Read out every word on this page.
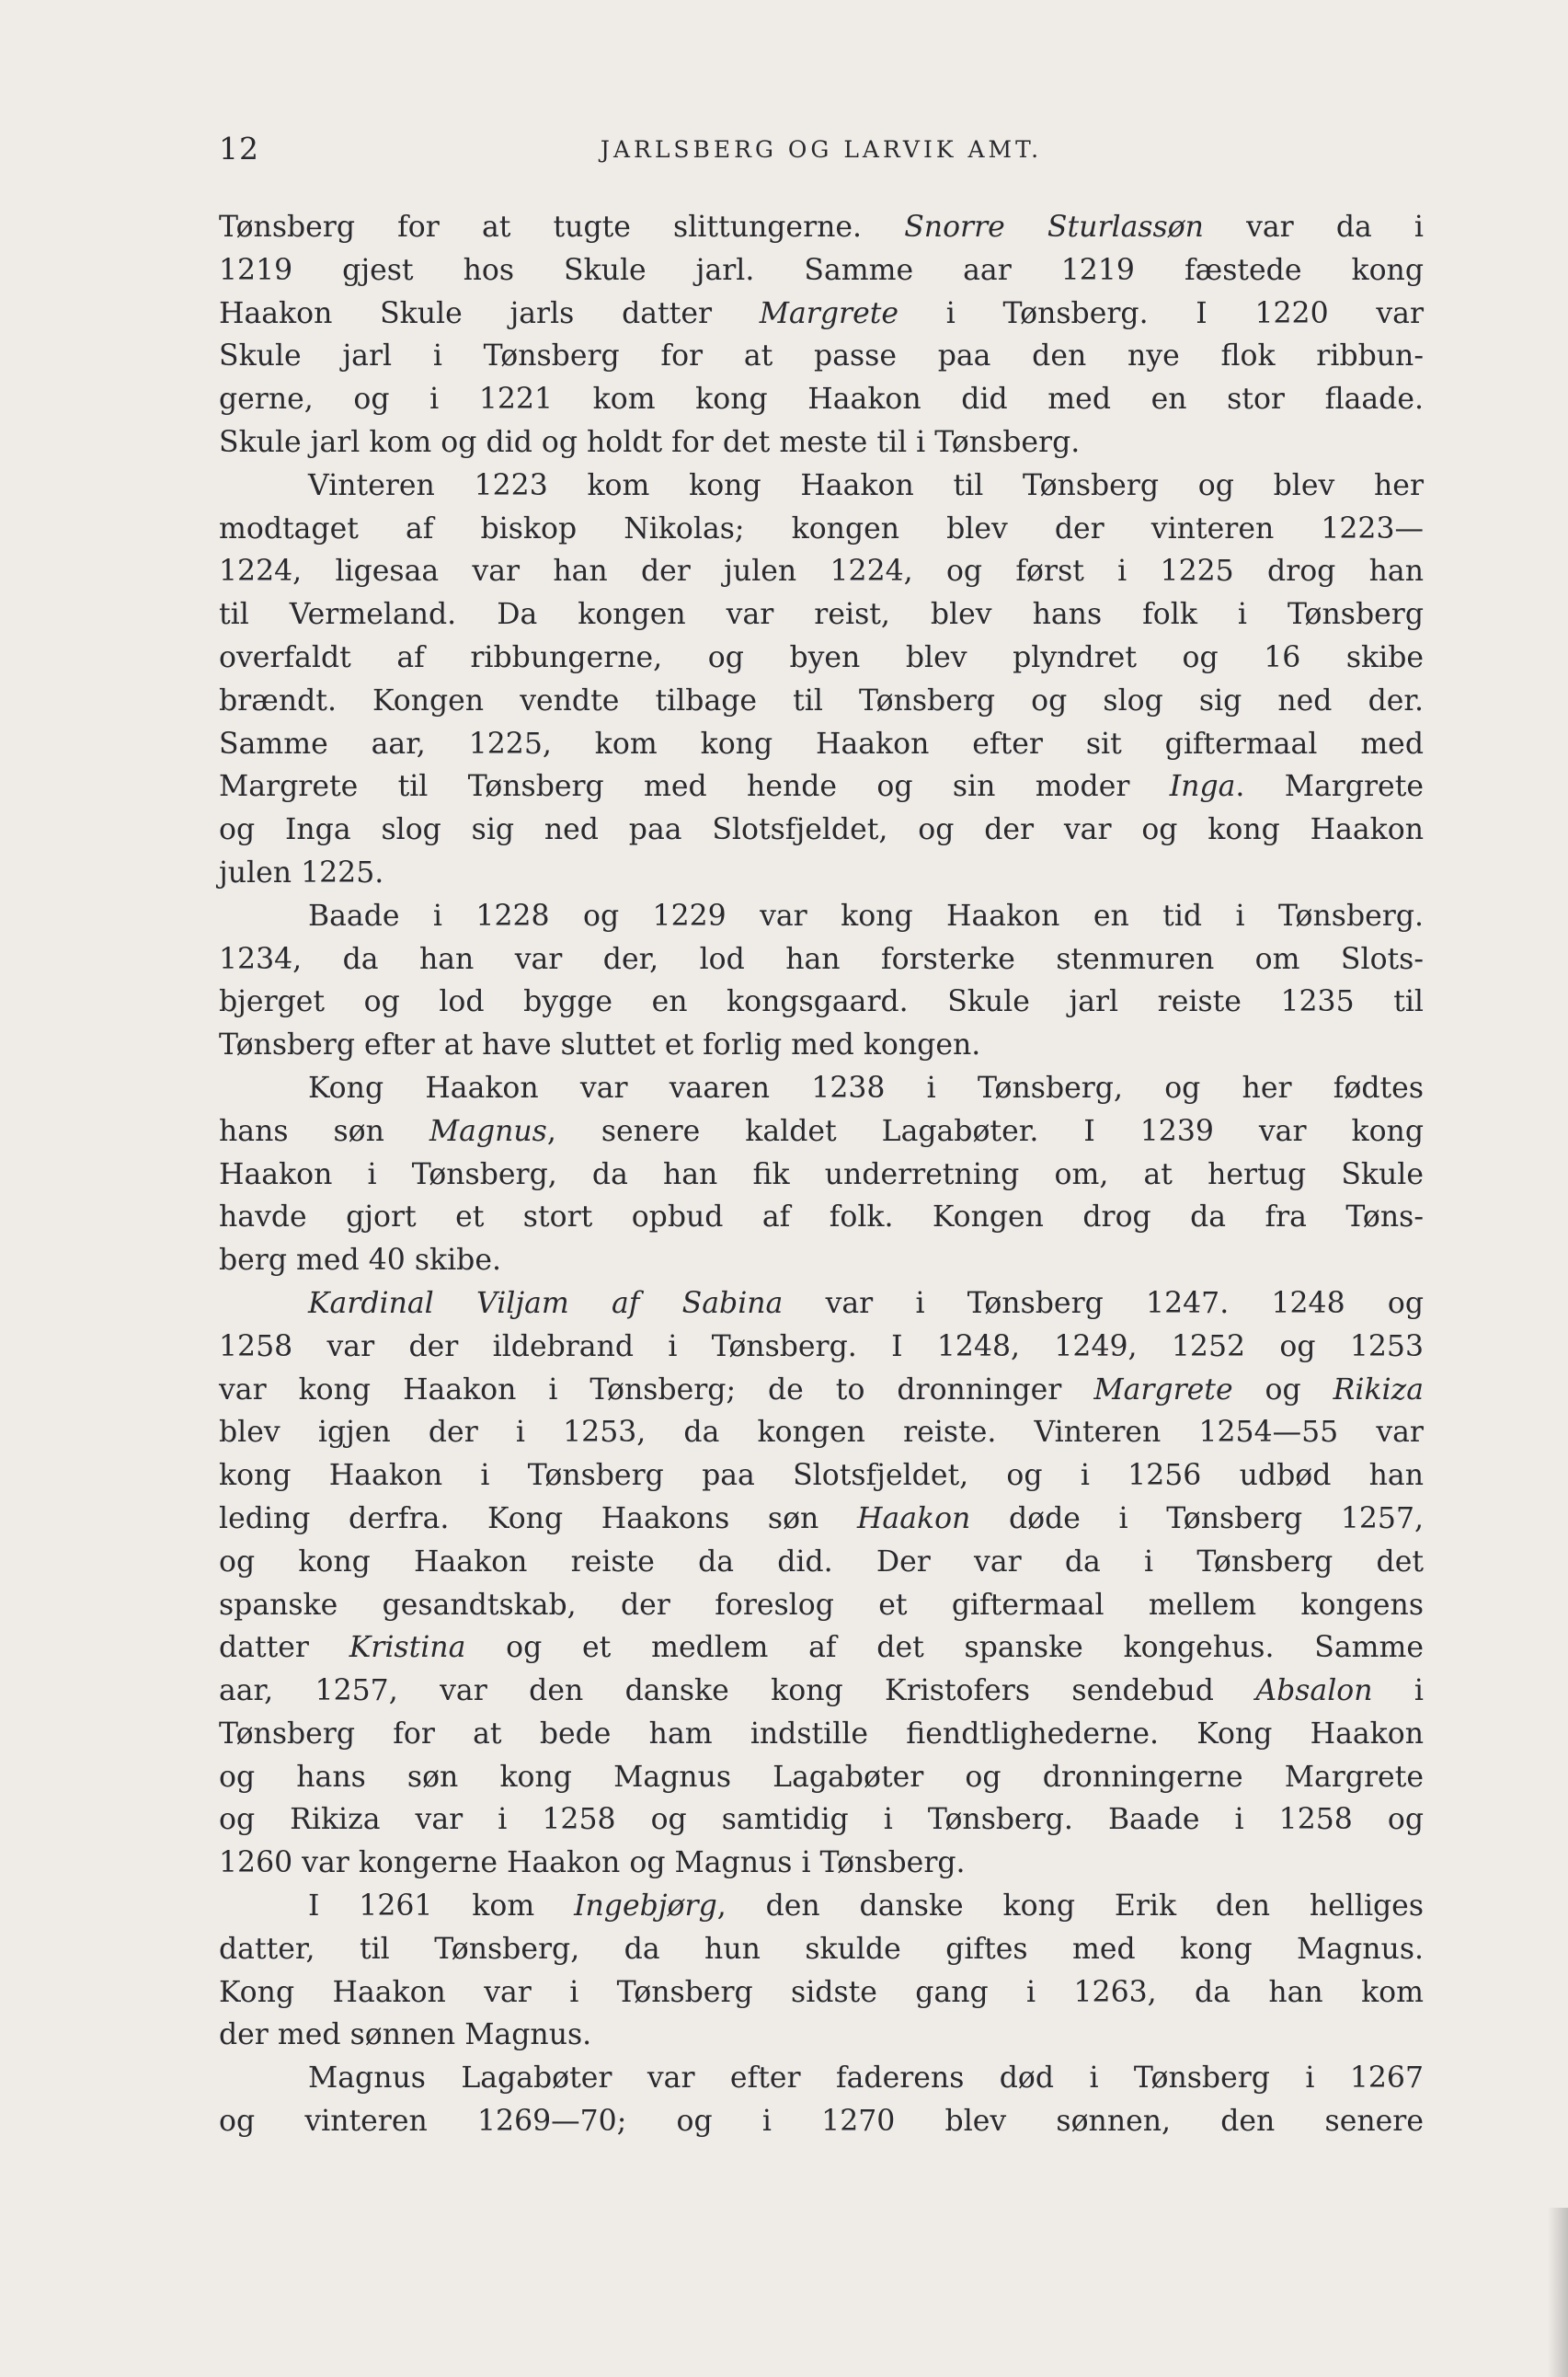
12	JARLSBERG OG LARVIK AMT.
Tønsberg for at tugte slittungerne. Snorre Sturlassøn var da i
1219 gjest hos Skule jarl. Samme aar 1219 fæstede kong
Haakon Skule jarls datter Margrete i Tønsberg. I 1220 var
Skule jarl i Tønsberg for at passe paa den nye flok ribbun-
gerne, og i 1221 kom kong Haakon did med en stor flaade.
Skule jarl kom og did og holdt for det meste til i Tønsberg.
Vinteren 1223 kom kong Haakon til Tønsberg og blev her
modtaget af biskop Nikolas; kongen blev der vinteren 1223—
1224, ligesaa var han der julen 1224, og først i 1225 drog han
til Vermeland. Da kongen var reist, blev hans folk i Tønsberg
overfaldt af ribbungerne, og byen blev plyndret og 16 skibe
brændt. Kongen vendte tilbage til Tønsberg og slog sig ned der.
Samme aar, 1225, kom kong Haakon efter sit giftermaal med
Margrete til Tønsberg med hende og sin moder Inga. Margrete
og Inga slog sig ned paa Slotsfjeldet, og der var og kong Haakon
julen 1225.
Baade i 1228 og 1229 var kong Haakon en tid i Tønsberg.
1234, da han var der, lod han forsterke stenmuren om Slots-
bjerget og lod bygge en kongsgaard. Skule jarl reiste 1235 til
Tønsberg efter at have sluttet et forlig med kongen.
Kong Haakon var vaaren 1238 i Tønsberg, og her fødtes
hans søn Magnus, senere kaldet Lagabøter. I 1239 var kong
Haakon i Tønsberg, da han fik underretning om, at hertug Skule
havde gjort et stort opbud af folk. Kongen drog da fra Tøns-
berg med 40 skibe.
Kardinal Viljam af Sabina var i Tønsberg 1247. 1248 og
1258 var der ildebrand i Tønsberg. I 1248, 1249, 1252 og 1253
var kong Haakon i Tønsberg; de to dronninger Margrete og Rikiza
blev igjen der i 1253, da kongen reiste. Vinteren 1254—55 var
kong Haakon i Tønsberg paa Slotsfjeldet, og i 1256 udbød han
leding derfra. Kong Haakons søn Haakon døde i Tønsberg 1257,
og kong Haakon reiste da did. Der var da i Tønsberg det
spanske gesandtskab, der foreslog et giftermaal mellem kongens
datter Kristina og et medlem af det spanske kongehus. Samme
aar, 1257, var den danske kong Kristofers sendebud Absalon i
Tønsberg for at bede ham indstille fiendtlighederne. Kong Haakon
og hans søn kong Magnus Lagabøter og dronningerne Margrete
og Rikiza var i 1258 og samtidig i Tønsberg. Baade i 1258 og
1260 var kongerne Haakon og Magnus i Tønsberg.
I 1261 kom Ingebjørg, den danske kong Erik den helliges
datter, til Tønsberg, da hun skulde giftes med kong Magnus.
Kong Haakon var i Tønsberg sidste gang i 1263, da han kom
der med sønnen Magnus.
Magnus Lagabøter var efter faderens død i Tønsberg i 1267
og vinteren 1269—70; og i 1270 blev sønnen, den senere
